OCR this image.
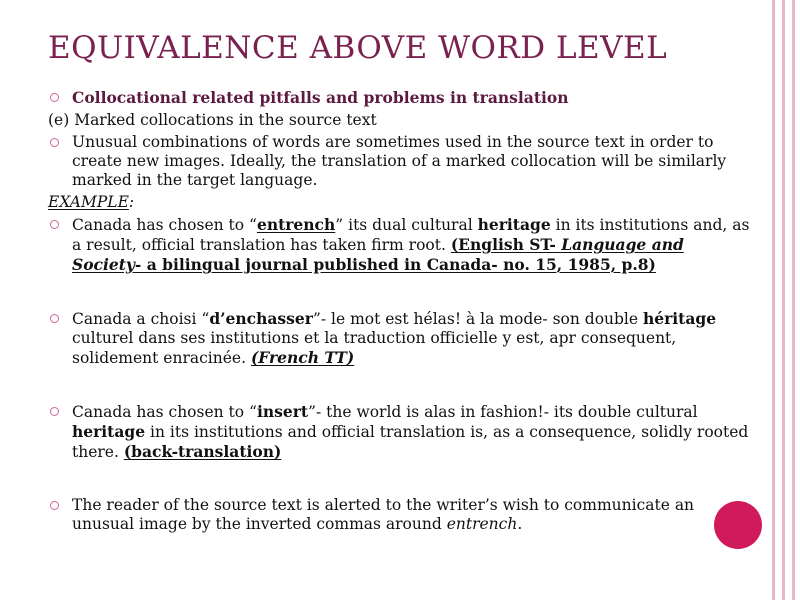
EQUIVALENCE ABOVE WORD LEVEL
Collocational related pitfalls and problems in translation
(e) Marked collocations in the source text
Unusual combinations of words are sometimes used in the source text in order to create new images. Ideally, the translation of a marked collocation will be similarly marked in the target language.
EXAMPLE:
Canada has chosen to “entrench” its dual cultural heritage in its institutions and, as a result, official translation has taken firm root. (English ST- Language and Society- a bilingual journal published in Canada- no. 15, 1985, p.8)
Canada a choisi “d’enchasser”- le mot est hélas! à la mode- son double héritage culturel dans ses institutions et la traduction officielle y est, apr consequent, solidement enracinée. (French TT)
Canada has chosen to “insert”- the world is alas in fashion!- its double cultural heritage in its institutions and official translation is, as a consequence, solidly rooted there. (back-translation)
The reader of the source text is alerted to the writer’s wish to communicate an unusual image by the inverted commas around entrench.
